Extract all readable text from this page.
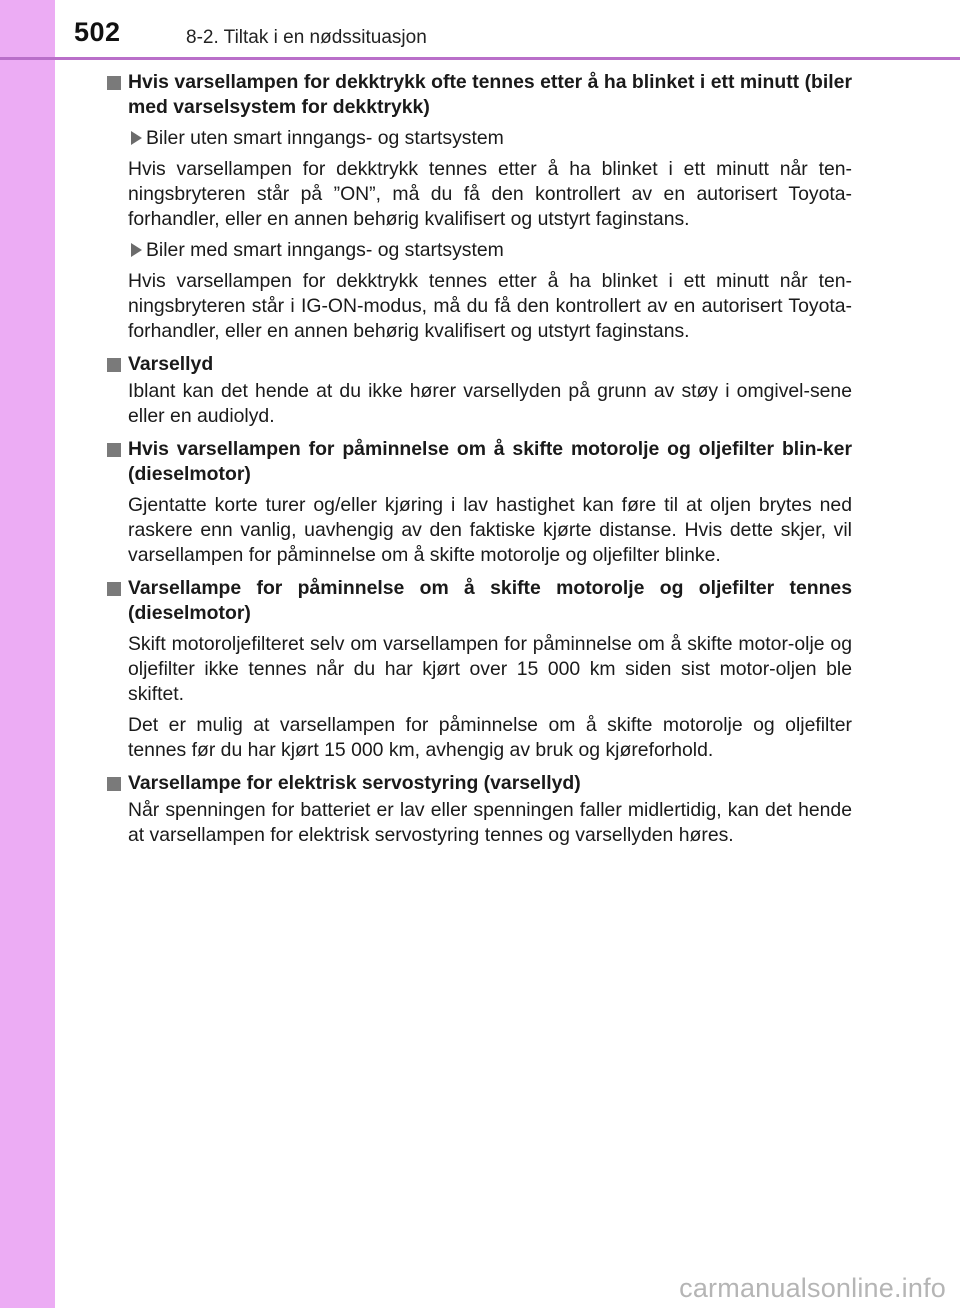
502	8-2. Tiltak i en nødssituasjon
Hvis varsellampen for dekktrykk ofte tennes etter å ha blinket i ett minutt (biler med varselsystem for dekktrykk)
Biler uten smart inngangs- og startsystem
Hvis varsellampen for dekktrykk tennes etter å ha blinket i ett minutt når ten-ningsbryteren står på ”ON”, må du få den kontrollert av en autorisert Toyota-forhandler, eller en annen behørig kvalifisert og utstyrt faginstans.
Biler med smart inngangs- og startsystem
Hvis varsellampen for dekktrykk tennes etter å ha blinket i ett minutt når ten-ningsbryteren står i IG-ON-modus, må du få den kontrollert av en autorisert Toyota-forhandler, eller en annen behørig kvalifisert og utstyrt faginstans.
Varsellyd
Iblant kan det hende at du ikke hører varsellyden på grunn av støy i omgivel-sene eller en audiolyd.
Hvis varsellampen for påminnelse om å skifte motorolje og oljefilter blin-ker (dieselmotor)
Gjentatte korte turer og/eller kjøring i lav hastighet kan føre til at oljen brytes ned raskere enn vanlig, uavhengig av den faktiske kjørte distanse. Hvis dette skjer, vil varsellampen for påminnelse om å skifte motorolje og oljefilter blinke.
Varsellampe for påminnelse om å skifte motorolje og oljefilter tennes (dieselmotor)
Skift motoroljefilteret selv om varsellampen for påminnelse om å skifte motor-olje og oljefilter ikke tennes når du har kjørt over 15 000 km siden sist motor-oljen ble skiftet.
Det er mulig at varsellampen for påminnelse om å skifte motorolje og oljefilter tennes før du har kjørt 15 000 km, avhengig av bruk og kjøreforhold.
Varsellampe for elektrisk servostyring (varsellyd)
Når spenningen for batteriet er lav eller spenningen faller midlertidig, kan det hende at varsellampen for elektrisk servostyring tennes og varsellyden høres.
carmanualsonline.info
